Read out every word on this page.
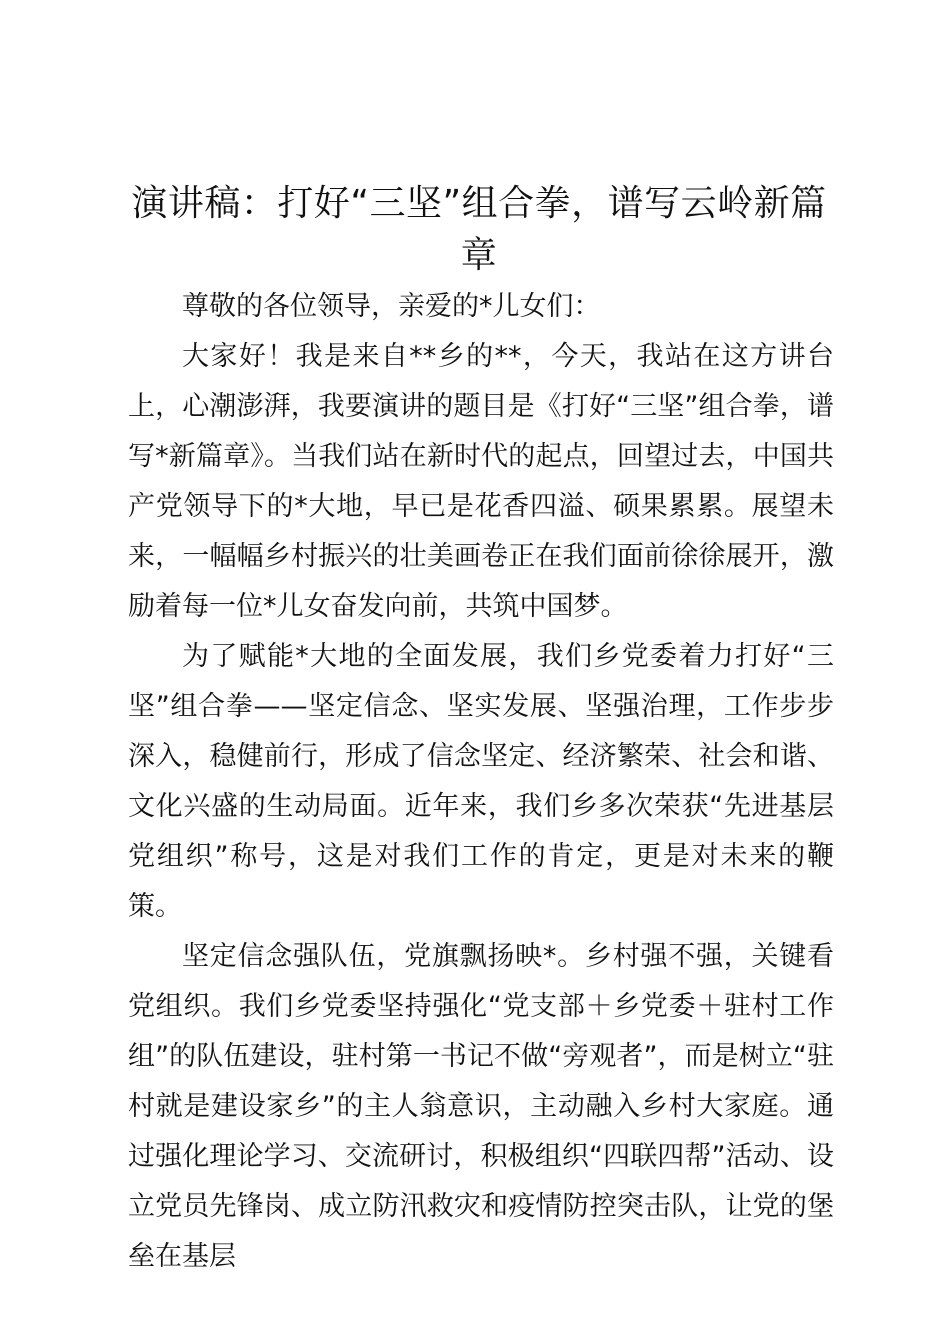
演讲稿：打好“三坚”组合拳，谱写云岭新篇章

尊敬的各位领导，亲爱的*儿女们：

大家好！我是来自**乡的**，今天，我站在这方讲台上，心潮澎湃，我要演讲的题目是《打好“三坚”组合拳，谱写*新篇章》。当我们站在新时代的起点，回望过去，中国共产党领导下的*大地，早已是花香四溢、硕果累累。展望未来，一幅幅乡村振兴的壮美画卷正在我们面前徐徐展开，激励着每一位*儿女奋发向前，共筑中国梦。

为了赋能*大地的全面发展，我们乡党委着力打好“三坚”组合拳——坚定信念、坚实发展、坚强治理，工作步步深入，稳健前行，形成了信念坚定、经济繁荣、社会和谐、文化兴盛的生动局面。近年来，我们乡多次荣获“先进基层党组织”称号，这是对我们工作的肯定，更是对未来的鞭策。

坚定信念强队伍，党旗飘扬映*。乡村强不强，关键看党组织。我们乡党委坚持强化“党支部＋乡党委＋驻村工作组”的队伍建设，驻村第一书记不做“旁观者”，而是树立“驻村就是建设家乡”的主人翁意识，主动融入乡村大家庭。通过强化理论学习、交流研讨，积极组织“四联四帮”活动、设立党员先锋岗、成立防汛救灾和疫情防控突击队，让党的堡垒在基层
